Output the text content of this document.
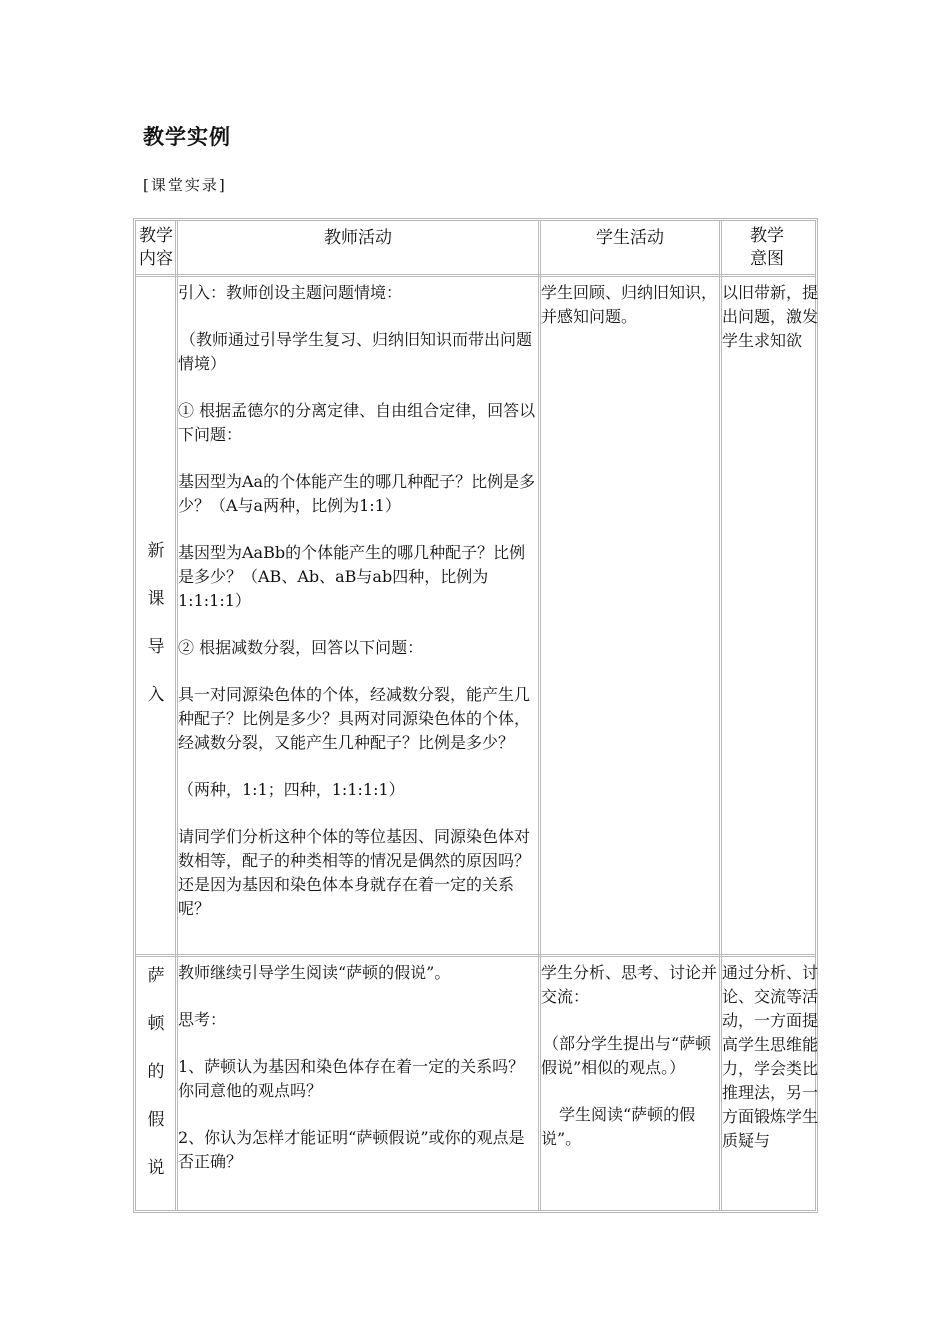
教学实例
[课堂实录]
教学
内容
教师活动	学生活动	教学
意图
新
课
导
入

引入：教师创设主题问题情境：

（教师通过引导学生复习、归纳旧知识而带出问题情境）

① 根据孟德尔的分离定律、自由组合定律，回答以下问题：

基因型为Aa的个体能产生的哪几种配子？比例是多少？（A与a两种，比例为1:1）

基因型为AaBb的个体能产生的哪几种配子？比例是多少？（AB、Ab、aB与ab四种，比例为1:1:1:1）

② 根据减数分裂，回答以下问题：

具一对同源染色体的个体，经减数分裂，能产生几种配子？比例是多少？具两对同源染色体的个体，经减数分裂，又能产生几种配子？比例是多少？

（两种，1:1；四种，1:1:1:1）

请同学们分析这种个体的等位基因、同源染色体对数相等，配子的种类相等的情况是偶然的原因吗？还是因为基因和染色体本身就存在着一定的关系呢？

学生回顾、归纳旧知识，并感知问题。

以旧带新，提出问题，激发学生求知欲
萨
顿
的
假
说

教师继续引导学生阅读“萨顿的假说”。

思考：

1、萨顿认为基因和染色体存在着一定的关系吗？你同意他的观点吗？

2、你认为怎样才能证明“萨顿假说”或你的观点是否正确？

学生分析、思考、讨论并交流：

（部分学生提出与“萨顿假说”相似的观点。）

学生阅读“萨顿的假说”。

通过分析、讨论、交流等活动，一方面提高学生思维能力，学会类比推理法，另一方面锻炼学生质疑与
